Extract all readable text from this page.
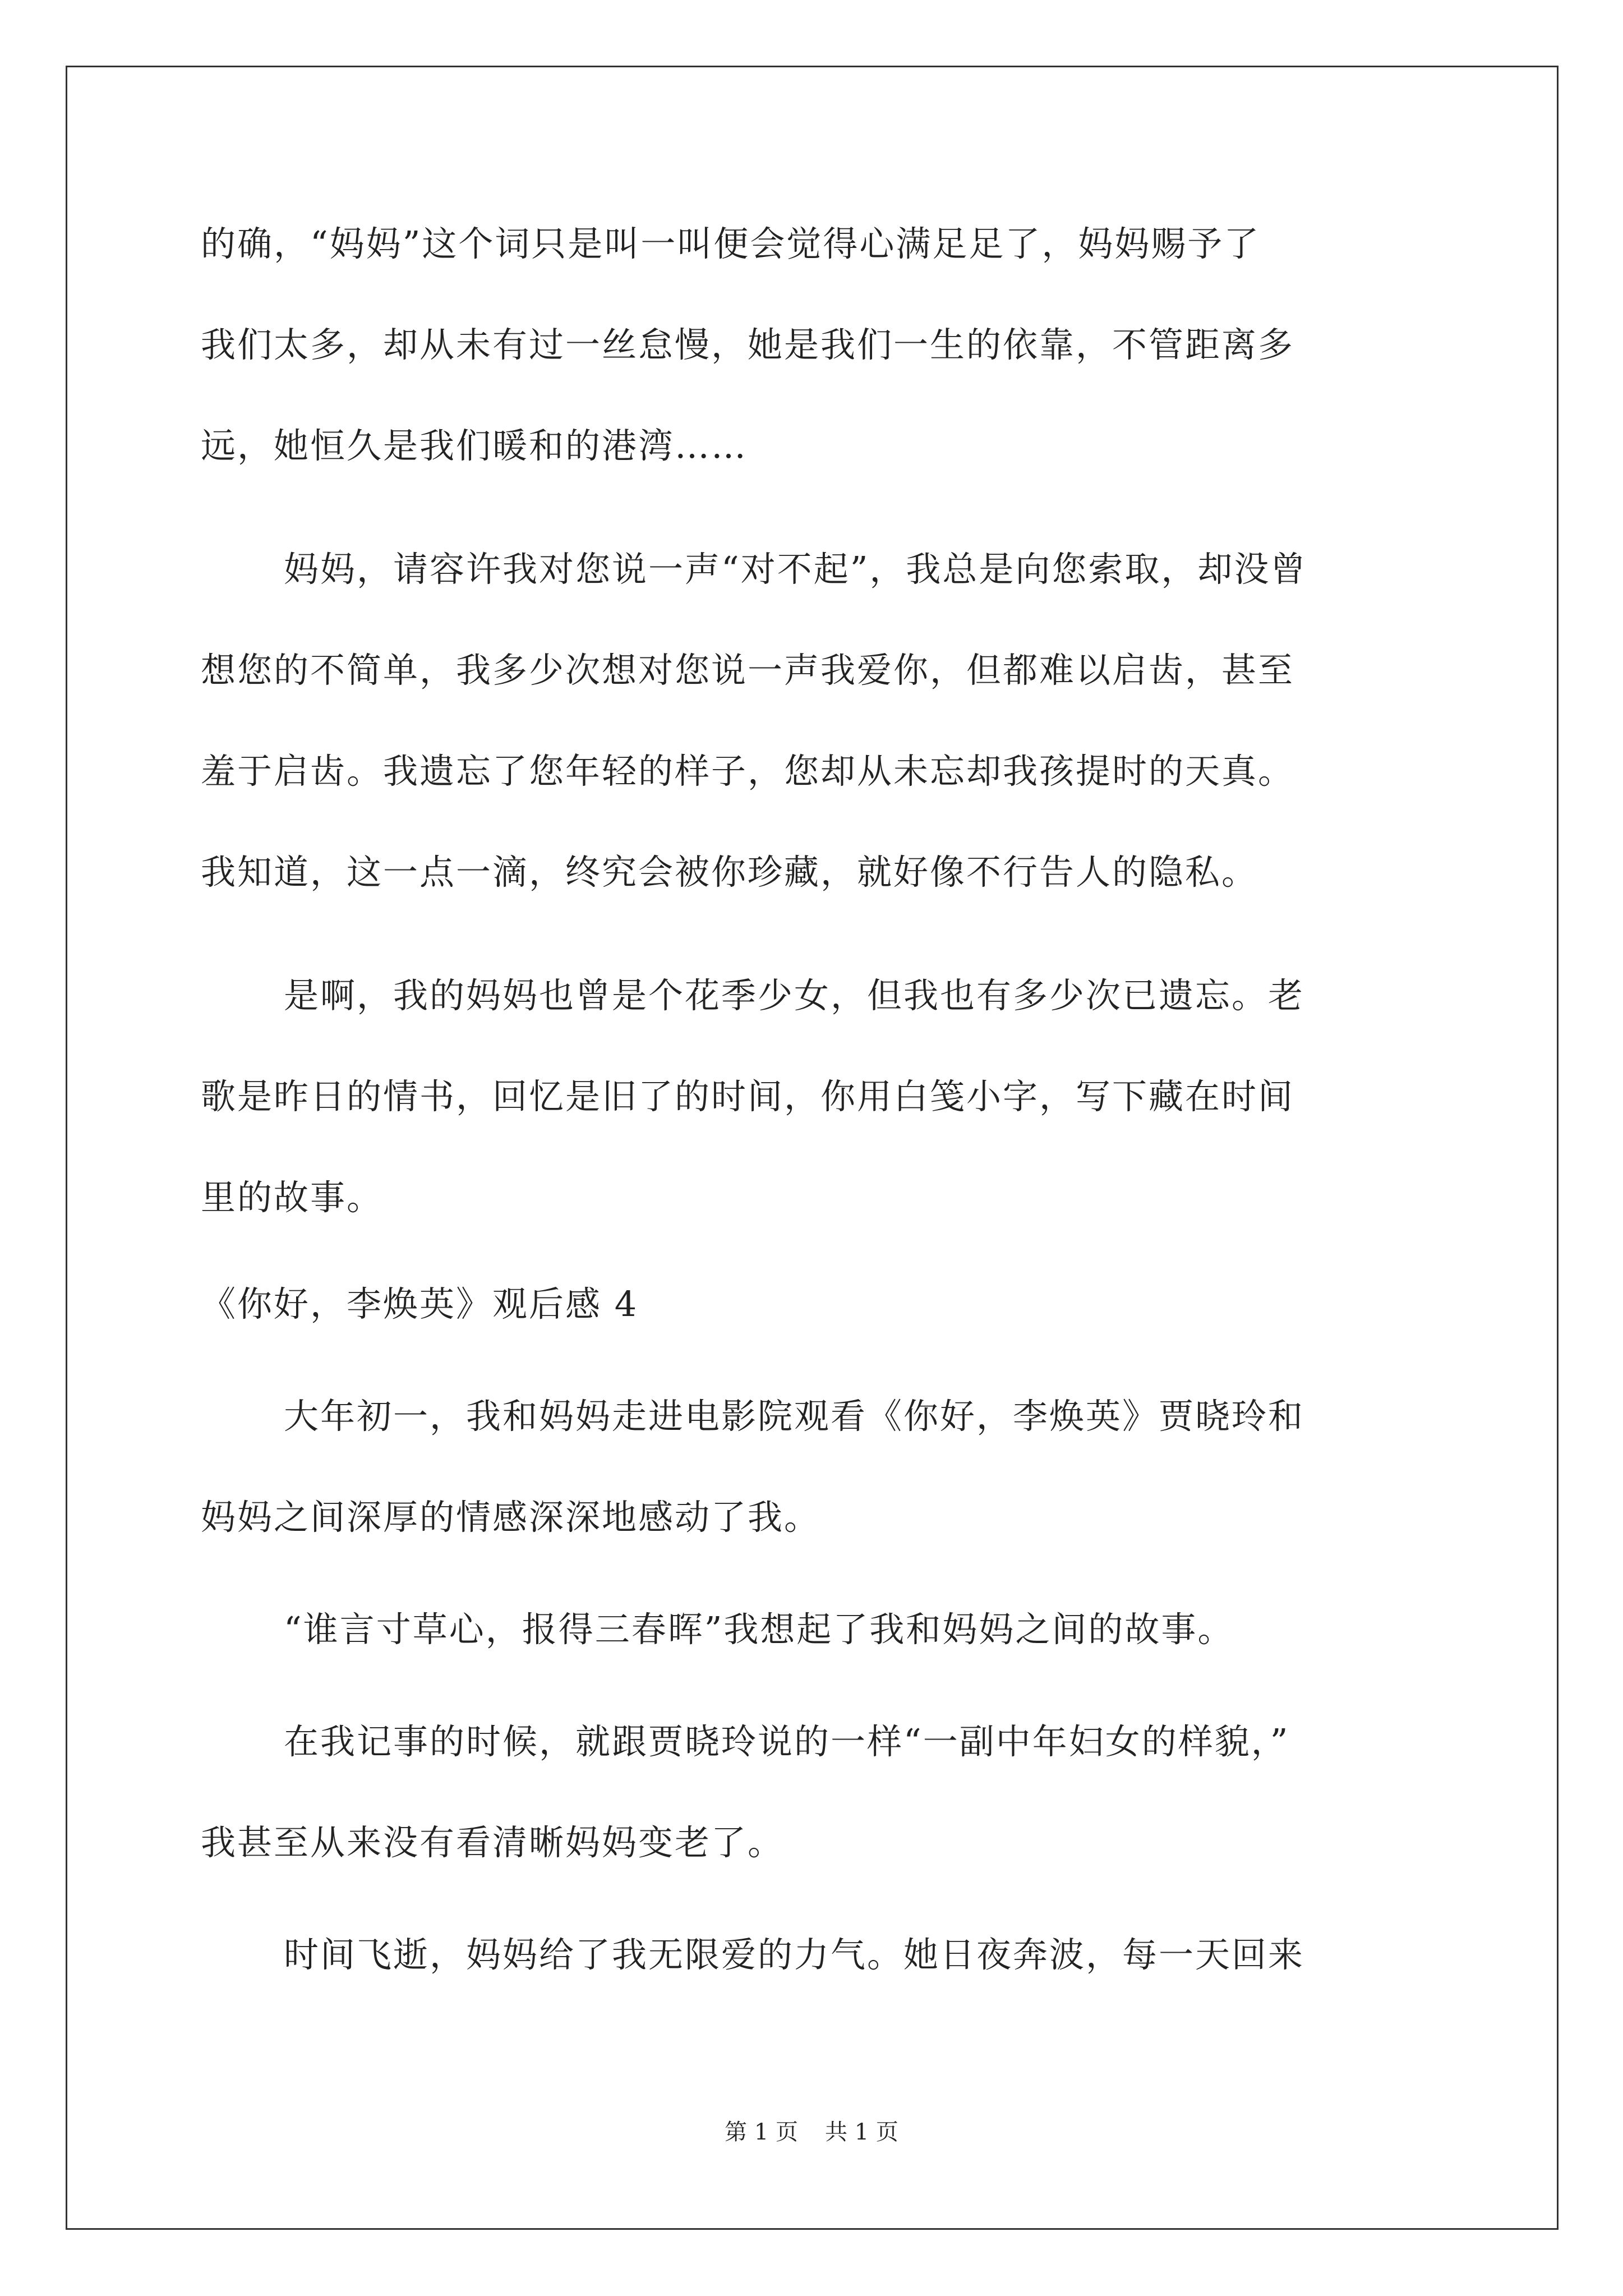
的确，“妈妈”这个词只是叫一叫便会觉得心满足足了，妈妈赐予了
我们太多，却从未有过一丝怠慢，她是我们一生的依靠，不管距离多
远，她恒久是我们暖和的港湾……
妈妈，请容许我对您说一声“对不起”，我总是向您索取，却没曾
想您的不简单，我多少次想对您说一声我爱你，但都难以启齿，甚至
羞于启齿。我遗忘了您年轻的样子，您却从未忘却我孩提时的天真。
我知道，这一点一滴，终究会被你珍藏，就好像不行告人的隐私。
是啊，我的妈妈也曾是个花季少女，但我也有多少次已遗忘。老
歌是昨日的情书，回忆是旧了的时间，你用白笺小字，写下藏在时间
里的故事。
《你好，李焕英》观后感 4
大年初一，我和妈妈走进电影院观看《你好，李焕英》贾晓玲和
妈妈之间深厚的情感深深地感动了我。
“谁言寸草心，报得三春晖”我想起了我和妈妈之间的故事。
在我记事的时候，就跟贾晓玲说的一样“一副中年妇女的样貌，”
我甚至从来没有看清晰妈妈变老了。
时间飞逝，妈妈给了我无限爱的力气。她日夜奔波，每一天回来
第 1 页 共 1 页
